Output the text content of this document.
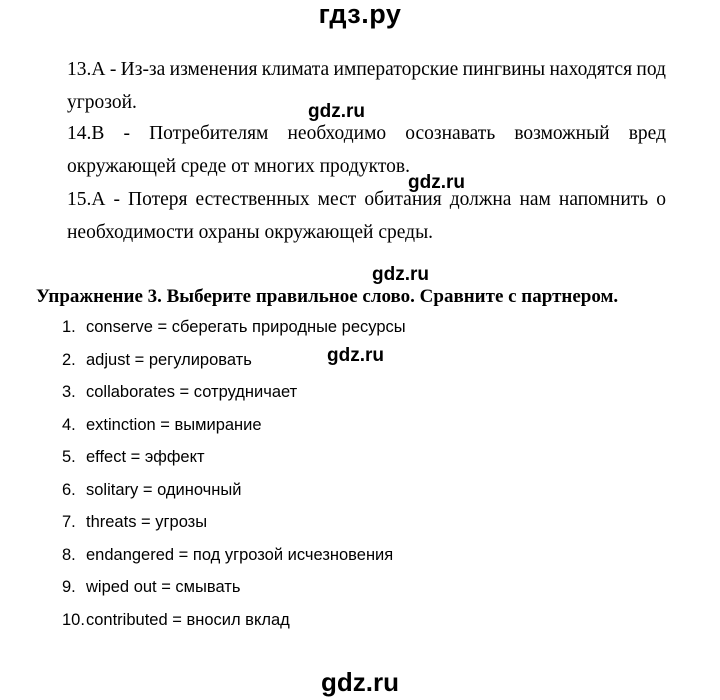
гдз.ру
13.А - Из-за изменения климата императорские пингвины находятся под
угрозой.
14.В - Потребителям необходимо осознавать возможный вред
окружающей среде от многих продуктов.
15.А - Потеря естественных мест обитания должна нам напомнить о
необходимости охраны окружающей среды.
gdz.ru
gdz.ru
gdz.ru
gdz.ru
Упражнение 3. Выберите правильное слово. Сравните с партнером.
1. conserve = сберегать природные ресурсы
2. adjust = регулировать
3. collaborates = сотрудничает
4. extinction = вымирание
5. effect = эффект
6. solitary = одиночный
7. threats = угрозы
8. endangered = под угрозой исчезновения
9. wiped out = смывать
10.contributed = вносил вклад
gdz.ru
